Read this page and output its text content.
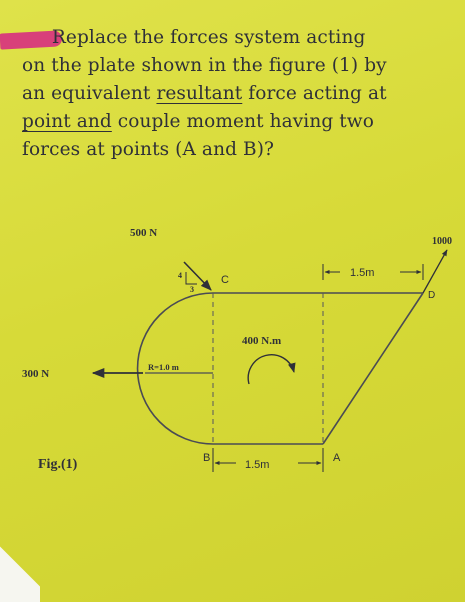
Replace the forces system acting
on the plate shown in the figure (1) by
an equivalent resultant force acting at
point and couple moment having two
forces at points (A and B)?
R=1.0 m
4
3
500 N
C
300 N
1000
D
1.5m
400 N.m
1.5m
B	A
Fig.(1)
